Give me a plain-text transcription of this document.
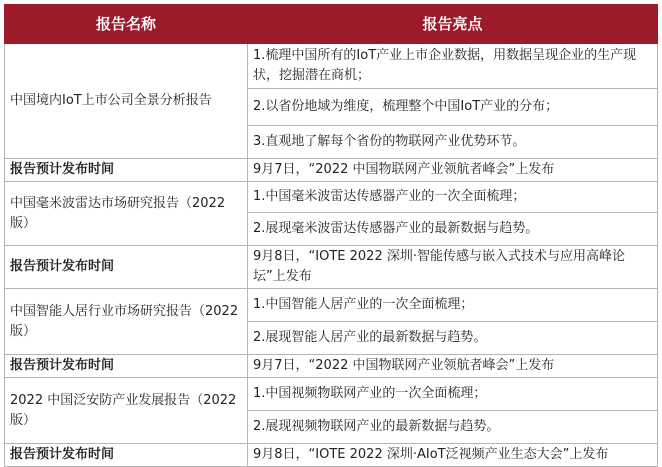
报告名称	报告亮点
中国境内IoT上市公司全景分析报告	1.梳理中国所有的IoT产业上市企业数据，用数据呈现企业的生产现状，挖掘潜在商机；
	2.以省份地域为维度，梳理整个中国IoT产业的分布；
	3.直观地了解每个省份的物联网产业优势环节。
报告预计发布时间	9月7日，“2022 中国物联网产业领航者峰会”上发布
中国毫米波雷达市场研究报告（2022版）	1.中国毫米波雷达传感器产业的一次全面梳理；
	2.展现毫米波雷达传感器产业的最新数据与趋势。
报告预计发布时间	9月8日，“IOTE 2022 深圳·智能传感与嵌入式技术与应用高峰论坛”上发布
中国智能人居行业市场研究报告（2022版）	1.中国智能人居产业的一次全面梳理；
	2.展现智能人居产业的最新数据与趋势。
报告预计发布时间	9月7日，“2022 中国物联网产业领航者峰会”上发布
2022 中国泛安防产业发展报告（2022版）	1.中国视频物联网产业的一次全面梳理；
	2.展现视频物联网产业的最新数据与趋势。
报告预计发布时间	9月8日，“IOTE 2022 深圳·AIoT泛视频产业生态大会”上发布
